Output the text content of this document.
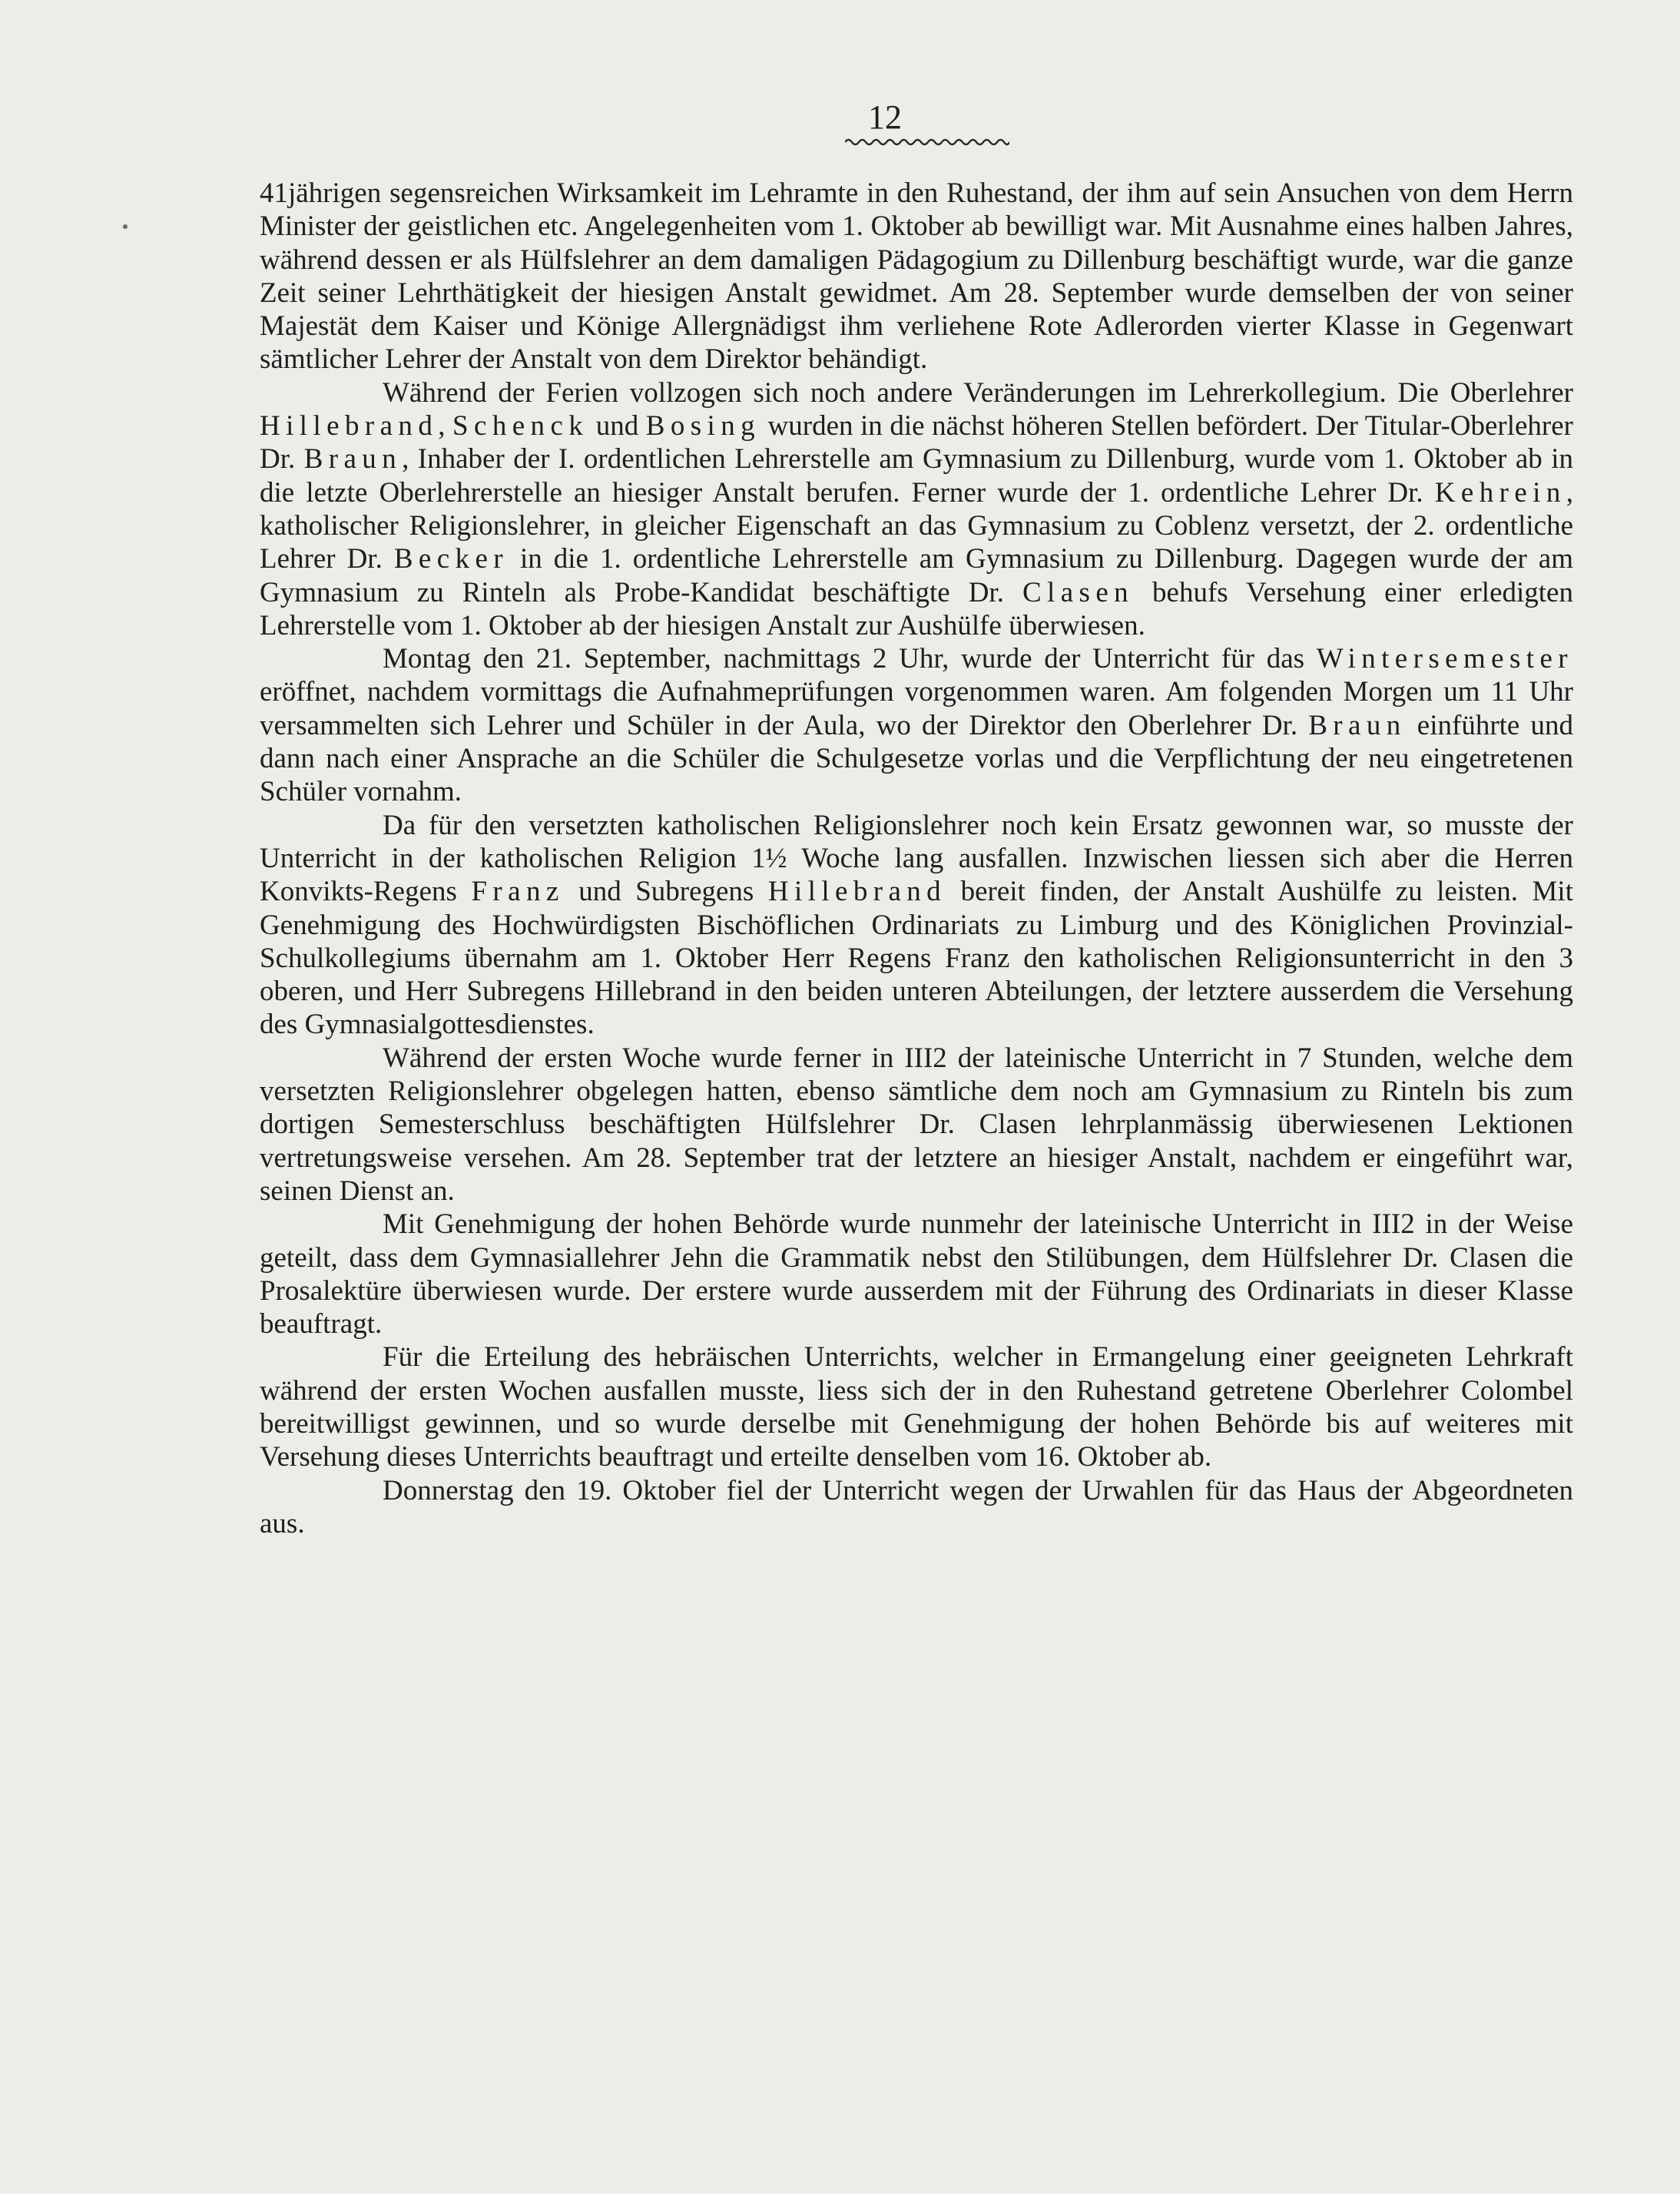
12

41jährigen segensreichen Wirksamkeit im Lehramte in den Ruhestand, der ihm auf sein Ansuchen von dem Herrn Minister der geistlichen etc. Angelegenheiten vom 1. Oktober ab bewilligt war. Mit Ausnahme eines halben Jahres, während dessen er als Hülfslehrer an dem damaligen Pädagogium zu Dillenburg beschäftigt wurde, war die ganze Zeit seiner Lehrthätigkeit der hiesigen Anstalt gewidmet. Am 28. September wurde demselben der von seiner Majestät dem Kaiser und Könige Allergnädigst ihm verliehene Rote Adlerorden vierter Klasse in Gegenwart sämtlicher Lehrer der Anstalt von dem Direktor behändigt.

Während der Ferien vollzogen sich noch andere Veränderungen im Lehrerkollegium. Die Oberlehrer Hillebrand, Schenck und Bosing wurden in die nächst höheren Stellen befördert. Der Titular-Oberlehrer Dr. Braun, Inhaber der I. ordentlichen Lehrerstelle am Gymnasium zu Dillenburg, wurde vom 1. Oktober ab in die letzte Oberlehrerstelle an hiesiger Anstalt berufen. Ferner wurde der 1. ordentliche Lehrer Dr. Kehrein, katholischer Religionslehrer, in gleicher Eigenschaft an das Gymnasium zu Coblenz versetzt, der 2. ordentliche Lehrer Dr. Becker in die 1. ordentliche Lehrerstelle am Gymnasium zu Dillenburg. Dagegen wurde der am Gymnasium zu Rinteln als Probe-Kandidat beschäftigte Dr. Clasen behufs Versehung einer erledigten Lehrerstelle vom 1. Oktober ab der hiesigen Anstalt zur Aushülfe überwiesen.

Montag den 21. September, nachmittags 2 Uhr, wurde der Unterricht für das Wintersemester eröffnet, nachdem vormittags die Aufnahmeprüfungen vorgenommen waren. Am folgenden Morgen um 11 Uhr versammelten sich Lehrer und Schüler in der Aula, wo der Direktor den Oberlehrer Dr. Braun einführte und dann nach einer Ansprache an die Schüler die Schulgesetze vorlas und die Verpflichtung der neu eingetretenen Schüler vornahm.

Da für den versetzten katholischen Religionslehrer noch kein Ersatz gewonnen war, so musste der Unterricht in der katholischen Religion 1½ Woche lang ausfallen. Inzwischen liessen sich aber die Herren Konvikts-Regens Franz und Subregens Hillebrand bereit finden, der Anstalt Aushülfe zu leisten. Mit Genehmigung des Hochwürdigsten Bischöflichen Ordinariats zu Limburg und des Königlichen Provinzial-Schulkollegiums übernahm am 1. Oktober Herr Regens Franz den katholischen Religionsunterricht in den 3 oberen, und Herr Subregens Hillebrand in den beiden unteren Abteilungen, der letztere ausserdem die Versehung des Gymnasialgottesdienstes.

Während der ersten Woche wurde ferner in III2 der lateinische Unterricht in 7 Stunden, welche dem versetzten Religionslehrer obgelegen hatten, ebenso sämtliche dem noch am Gymnasium zu Rinteln bis zum dortigen Semesterschluss beschäftigten Hülfslehrer Dr. Clasen lehrplanmässig überwiesenen Lektionen vertretungsweise versehen. Am 28. September trat der letztere an hiesiger Anstalt, nachdem er eingeführt war, seinen Dienst an.

Mit Genehmigung der hohen Behörde wurde nunmehr der lateinische Unterricht in III2 in der Weise geteilt, dass dem Gymnasiallehrer Jehn die Grammatik nebst den Stilübungen, dem Hülfslehrer Dr. Clasen die Prosalektüre überwiesen wurde. Der erstere wurde ausserdem mit der Führung des Ordinariats in dieser Klasse beauftragt.

Für die Erteilung des hebräischen Unterrichts, welcher in Ermangelung einer geeigneten Lehrkraft während der ersten Wochen ausfallen musste, liess sich der in den Ruhestand getretene Oberlehrer Colombel bereitwilligst gewinnen, und so wurde derselbe mit Genehmigung der hohen Behörde bis auf weiteres mit Versehung dieses Unterrichts beauftragt und erteilte denselben vom 16. Oktober ab.

Donnerstag den 19. Oktober fiel der Unterricht wegen der Urwahlen für das Haus der Abgeordneten aus.
